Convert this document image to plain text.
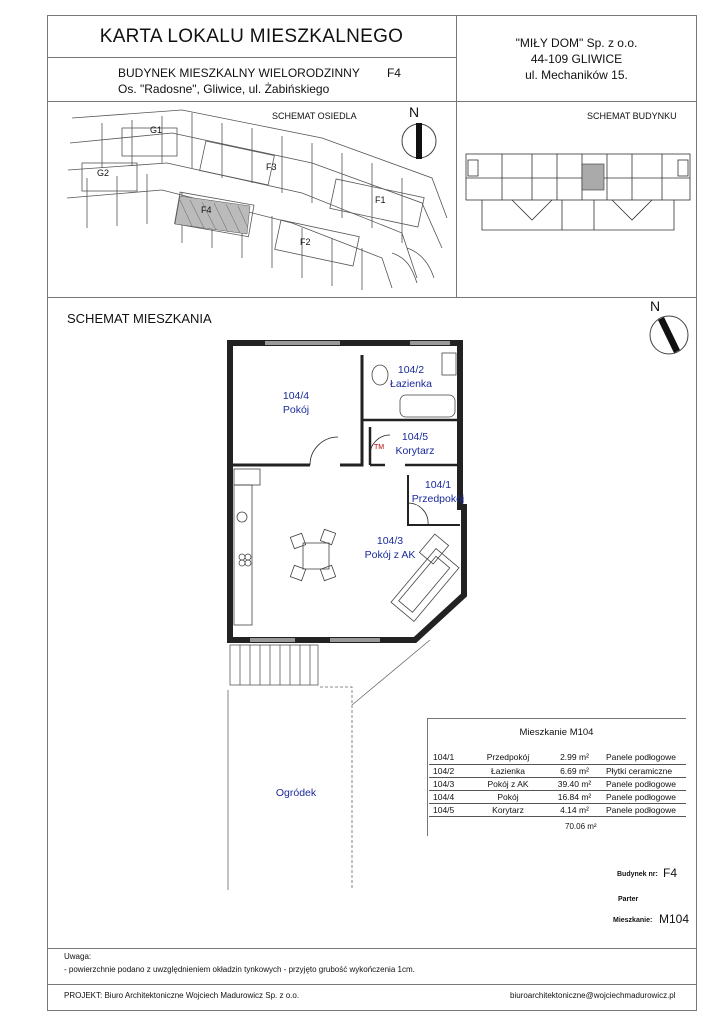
KARTA LOKALU MIESZKALNEGO
BUDYNEK MIESZKALNY WIELORODZINNY F4
Os. "Radosne", Gliwice, ul. Żabińskiego
"MIŁY DOM" Sp. z o.o.
44-109 GLIWICE
ul. Mechaników 15.
SCHEMAT OSIEDLA
G1
G2
F3
F4
F1
F2
N	SCHEMAT BUDYNKU
SCHEMAT MIESZKANIA
N
104/4
Pokój
104/2
Łazienka
104/5
Korytarz
104/1
Przedpokój
104/3
Pokój z AK
TM
Ogródek
Mieszkanie M104
104/1	Przedpokój	2.99 m²	Panele podłogowe
104/2	Łazienka	6.69 m²	Płytki ceramiczne
104/3	Pokój z AK	39.40 m²	Panele podłogowe
104/4	Pokój	16.84 m²	Panele podłogowe
104/5	Korytarz	4.14 m²	Panele podłogowe
70.06 m²
Budynek nr: F4
Parter
Mieszkanie: M104
Uwaga:
- powierzchnie podano z uwzględnieniem okładzin tynkowych - przyjęto grubość wykończenia 1cm.
PROJEKT: Biuro Architektoniczne Wojciech Madurowicz Sp. z o.o.	biuroarchitektoniczne@wojciechmadurowicz.pl
